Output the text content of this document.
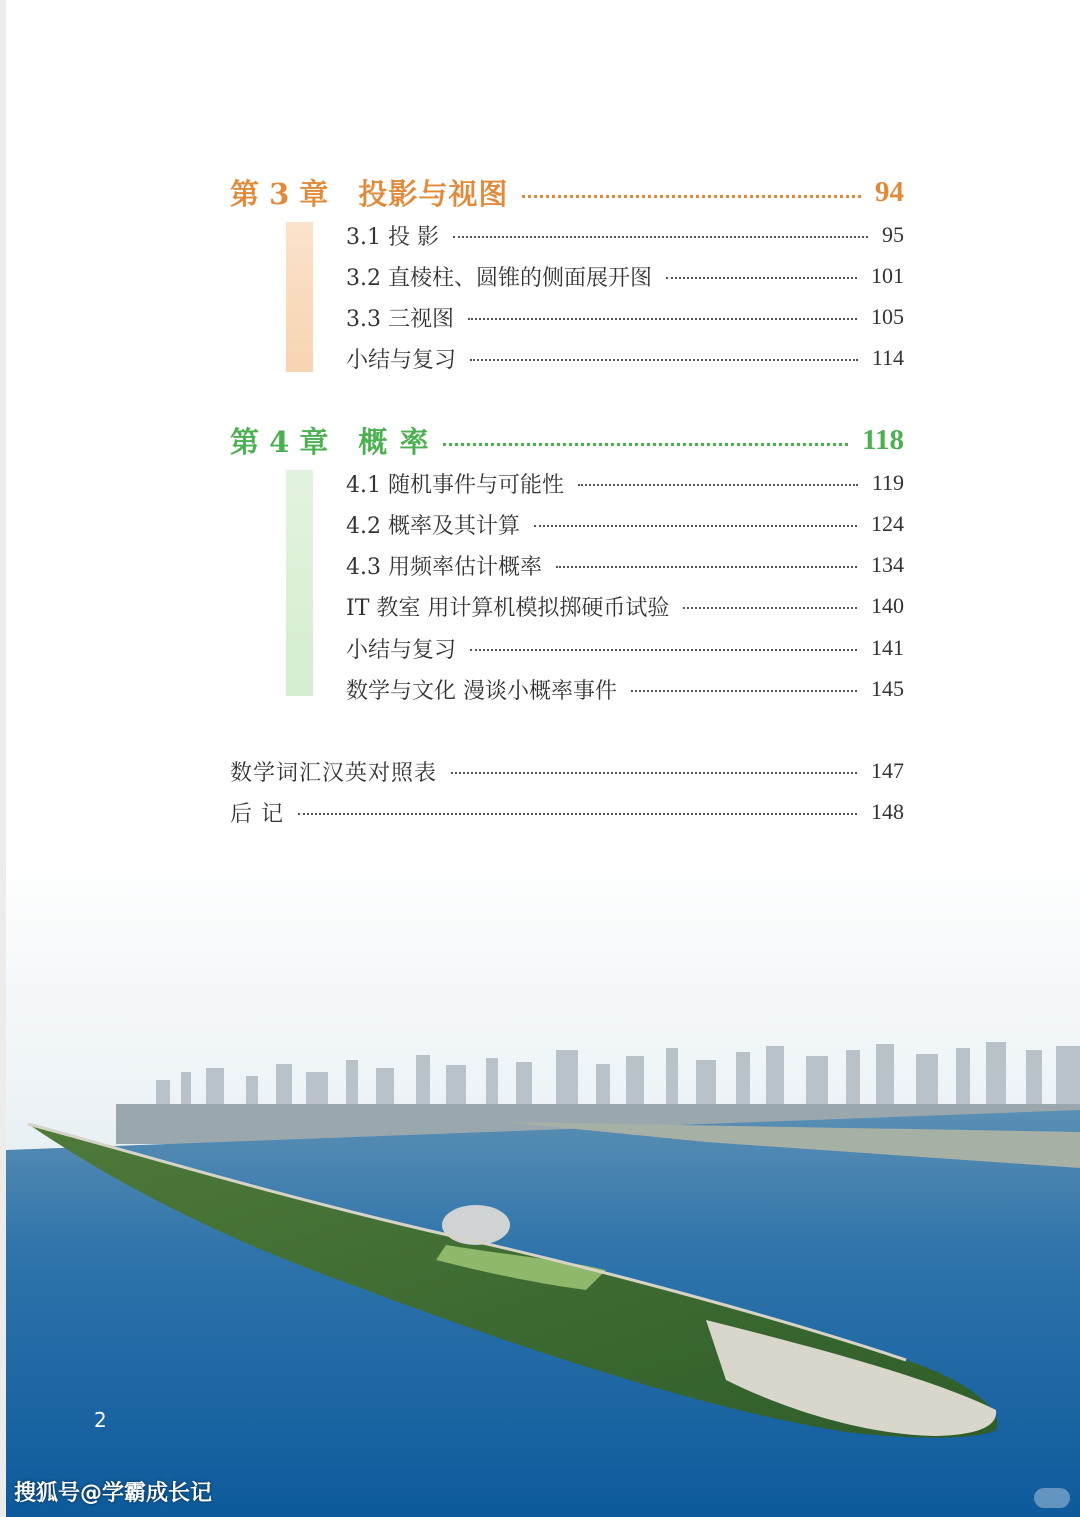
第 3 章 投影与视图	94
3.1 投 影	95
3.2 直棱柱、圆锥的侧面展开图	101
3.3 三视图	105
小结与复习	114
第 4 章 概 率	118
4.1 随机事件与可能性	119
4.2 概率及其计算	124
4.3 用频率估计概率	134
IT 教室 用计算机模拟掷硬币试验	140
小结与复习	141
数学与文化 漫谈小概率事件	145
数学词汇汉英对照表	147
后 记	148
2
搜狐号@学霸成长记
